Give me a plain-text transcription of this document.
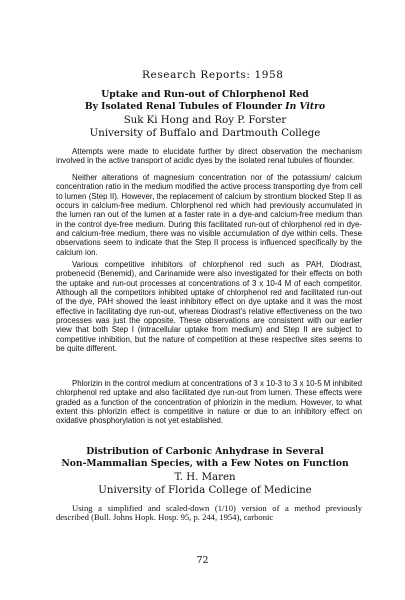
Research Reports: 1958
Uptake and Run-out of Chlorphenol Red
By Isolated Renal Tubules of Flounder In Vitro
Suk Ki Hong and Roy P. Forster
University of Buffalo and Dartmouth College

Attempts were made to elucidate further by direct observation the mechanism involved in the active transport of acidic dyes by the isolated renal tubules of flounder.

Neither alterations of magnesium concentration nor of the potassium/ calcium concentration ratio in the medium modified the active process transporting dye from cell to lumen (Step II). However, the replacement of calcium by strontium blocked Step II as occurs in calcium-free medium. Chlorphenol red which had previously accumulated in the lumen ran out of the lumen at a faster rate in a dye-and calcium-free medium than in the control dye-free medium. During this facilitated run-out of chlorphenol red in dye-and calcium-free medium, there was no visible accumulation of dye within cells. These observations seem to indicate that the Step II process is influenced specifically by the calcium ion.

Various competitive inhibitors of chlorphenol red such as PAH, Diodrast, probenecid (Benemid), and Carinamide were also investigated for their effects on both the uptake and run-out processes at concentrations of 3 x 10-4 M of each competitor. Although all the competitors inhibited uptake of chlorphenol red and facilitated run-out of the dye, PAH showed the least inhibitory effect on dye uptake and it was the most effective in facilitating dye run-out, whereas Diodrast's relative effectiveness on the two processes was just the opposite. These observations are consistent with our earlier view that both Step I (intracellular uptake from medium) and Step II are subject to competitive inhibition, but the nature of competition at these respective sites seems to be quite different.

Phlorizin in the control medium at concentrations of 3 x 10-3 to 3 x 10-5 M inhibited chlorphenol red uptake and also facilitated dye run-out from lumen. These effects were graded as a function of the concentration of phlorizin in the medium. However, to what extent this phlorizin effect is competitive in nature or due to an inhibitory effect on oxidative phosphorylation is not yet established.

Distribution of Carbonic Anhydrase in Several
Non-Mammalian Species, with a Few Notes on Function
T. H. Maren
University of Florida College of Medicine

Using a simplified and scaled-down (1/10) version of a method previously described (Bull. Johns Hopk. Hosp. 95, p. 244, 1954), carbonic

72
